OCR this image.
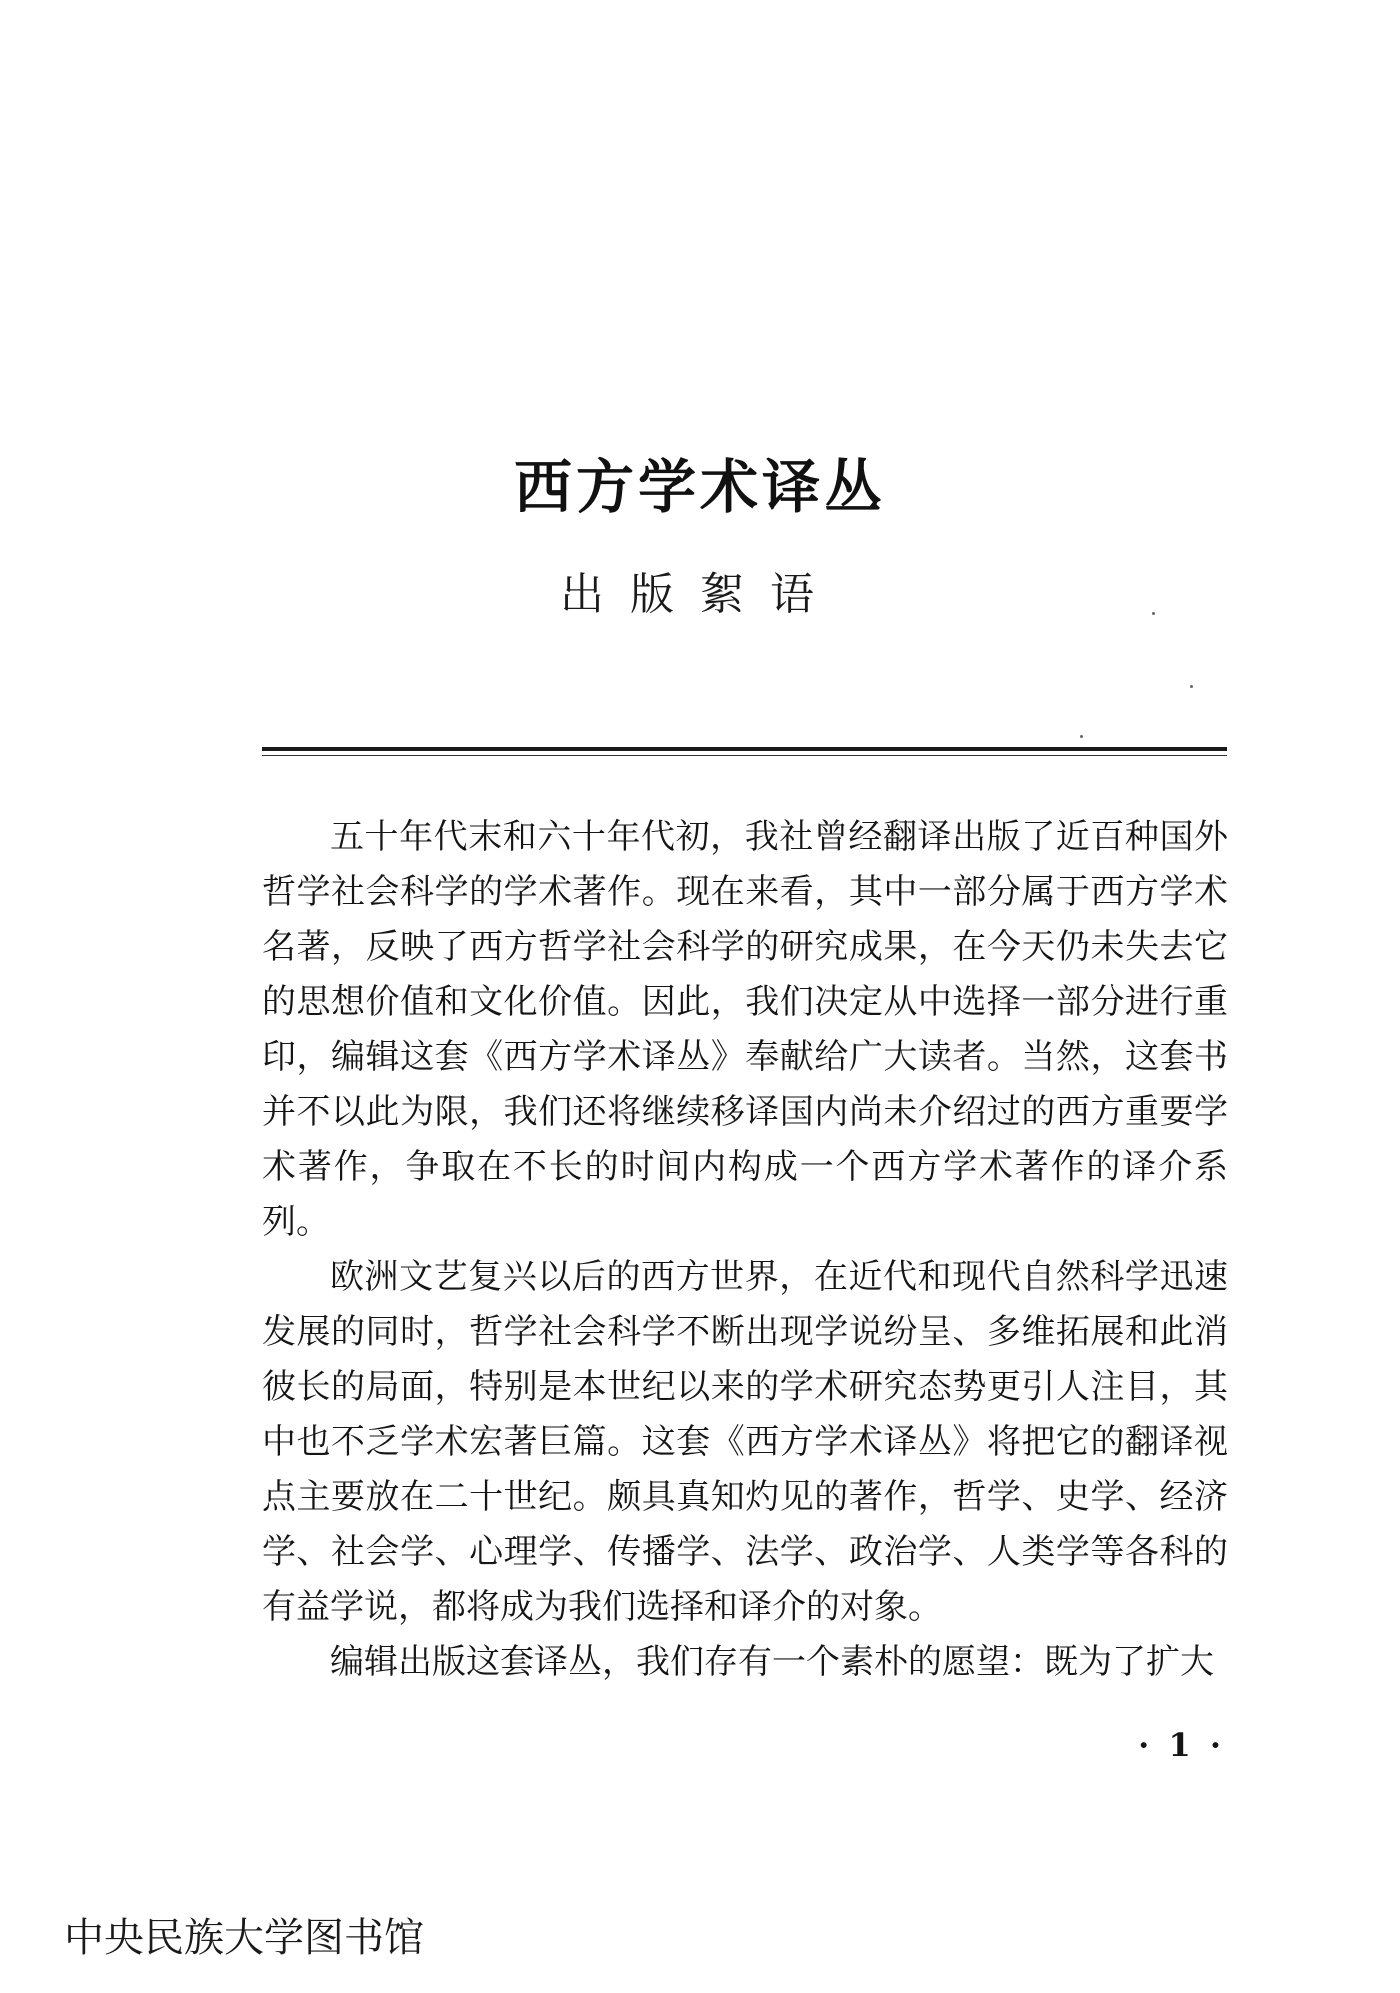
西方学术译丛
出版絮语

五十年代末和六十年代初，我社曾经翻译出版了近百种国外哲学社会科学的学术著作。现在来看，其中一部分属于西方学术名著，反映了西方哲学社会科学的研究成果，在今天仍未失去它的思想价值和文化价值。因此，我们决定从中选择一部分进行重印，编辑这套《西方学术译丛》奉献给广大读者。当然，这套书并不以此为限，我们还将继续移译国内尚未介绍过的西方重要学术著作，争取在不长的时间内构成一个西方学术著作的译介系列。

欧洲文艺复兴以后的西方世界，在近代和现代自然科学迅速发展的同时，哲学社会科学不断出现学说纷呈、多维拓展和此消彼长的局面，特别是本世纪以来的学术研究态势更引人注目，其中也不乏学术宏著巨篇。这套《西方学术译丛》将把它的翻译视点主要放在二十世纪。颇具真知灼见的著作，哲学、史学、经济学、社会学、心理学、传播学、法学、政治学、人类学等各科的有益学说，都将成为我们选择和译介的对象。

编辑出版这套译丛，我们存有一个素朴的愿望：既为了扩大

· 1 ·
中央民族大学图书馆
